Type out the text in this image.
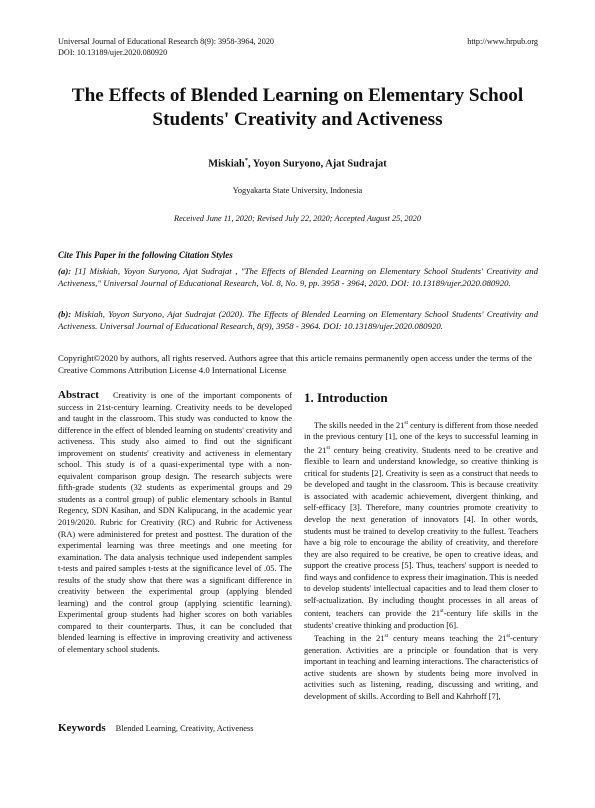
Universal Journal of Educational Research 8(9): 3958-3964, 2020
DOI: 10.13189/ujer.2020.080920
http://www.hrpub.org
The Effects of Blended Learning on Elementary School Students' Creativity and Activeness
Miskiah*, Yoyon Suryono, Ajat Sudrajat
Yogyakarta State University, Indonesia
Received June 11, 2020; Revised July 22, 2020; Accepted August 25, 2020
Cite This Paper in the following Citation Styles
(a): [1] Miskiah, Yoyon Suryono, Ajat Sudrajat , "The Effects of Blended Learning on Elementary School Students' Creativity and Activeness," Universal Journal of Educational Research, Vol. 8, No. 9, pp. 3958 - 3964, 2020. DOI: 10.13189/ujer.2020.080920.
(b): Miskiah, Yoyon Suryono, Ajat Sudrajat (2020). The Effects of Blended Learning on Elementary School Students' Creativity and Activeness. Universal Journal of Educational Research, 8(9), 3958 - 3964. DOI: 10.13189/ujer.2020.080920.
Copyright©2020 by authors, all rights reserved. Authors agree that this article remains permanently open access under the terms of the Creative Commons Attribution License 4.0 International License
Abstract Creativity is one of the important components of success in 21st-century learning. Creativity needs to be developed and taught in the classroom. This study was conducted to know the difference in the effect of blended learning on students' creativity and activeness. This study also aimed to find out the significant improvement on students' creativity and activeness in elementary school. This study is of a quasi-experimental type with a non-equivalent comparison group design. The research subjects were fifth-grade students (32 students as experimental groups and 29 students as a control group) of public elementary schools in Bantul Regency, SDN Kasihan, and SDN Kalipucang, in the academic year 2019/2020. Rubric for Creativity (RC) and Rubric for Activeness (RA) were administered for pretest and posttest. The duration of the experimental learning was three meetings and one meeting for examination. The data analysis technique used independent samples t-tests and paired samples t-tests at the significance level of .05. The results of the study show that there was a significant difference in creativity between the experimental group (applying blended learning) and the control group (applying scientific learning). Experimental group students had higher scores on both variables compared to their counterparts. Thus, it can be concluded that blended learning is effective in improving creativity and activeness of elementary school students.
Keywords Blended Learning, Creativity, Activeness
1. Introduction

The skills needed in the 21st century is different from those needed in the previous century [1], one of the keys to successful learning in the 21st century being creativity. Students need to be creative and flexible to learn and understand knowledge, so creative thinking is critical for students [2]. Creativity is seen as a construct that needs to be developed and taught in the classroom. This is because creativity is associated with academic achievement, divergent thinking, and self-efficacy [3]. Therefore, many countries promote creativity to develop the next generation of innovators [4]. In other words, students must be trained to develop creativity to the fullest. Teachers have a big role to encourage the ability of creativity, and therefore they are also required to be creative, be open to creative ideas, and support the creative process [5]. Thus, teachers' support is needed to find ways and confidence to express their imagination. This is needed to develop students' intellectual capacities and to lead them closer to self-actualization. By including thought processes in all areas of content, teachers can provide the 21st-century life skills in the students' creative thinking and production [6].

Teaching in the 21st century means teaching the 21st-century generation. Activities are a principle or foundation that is very important in teaching and learning interactions. The characteristics of active students are shown by students being more involved in activities such as listening, reading, discussing and writing, and development of skills. According to Bell and Kahrhoff [7],
